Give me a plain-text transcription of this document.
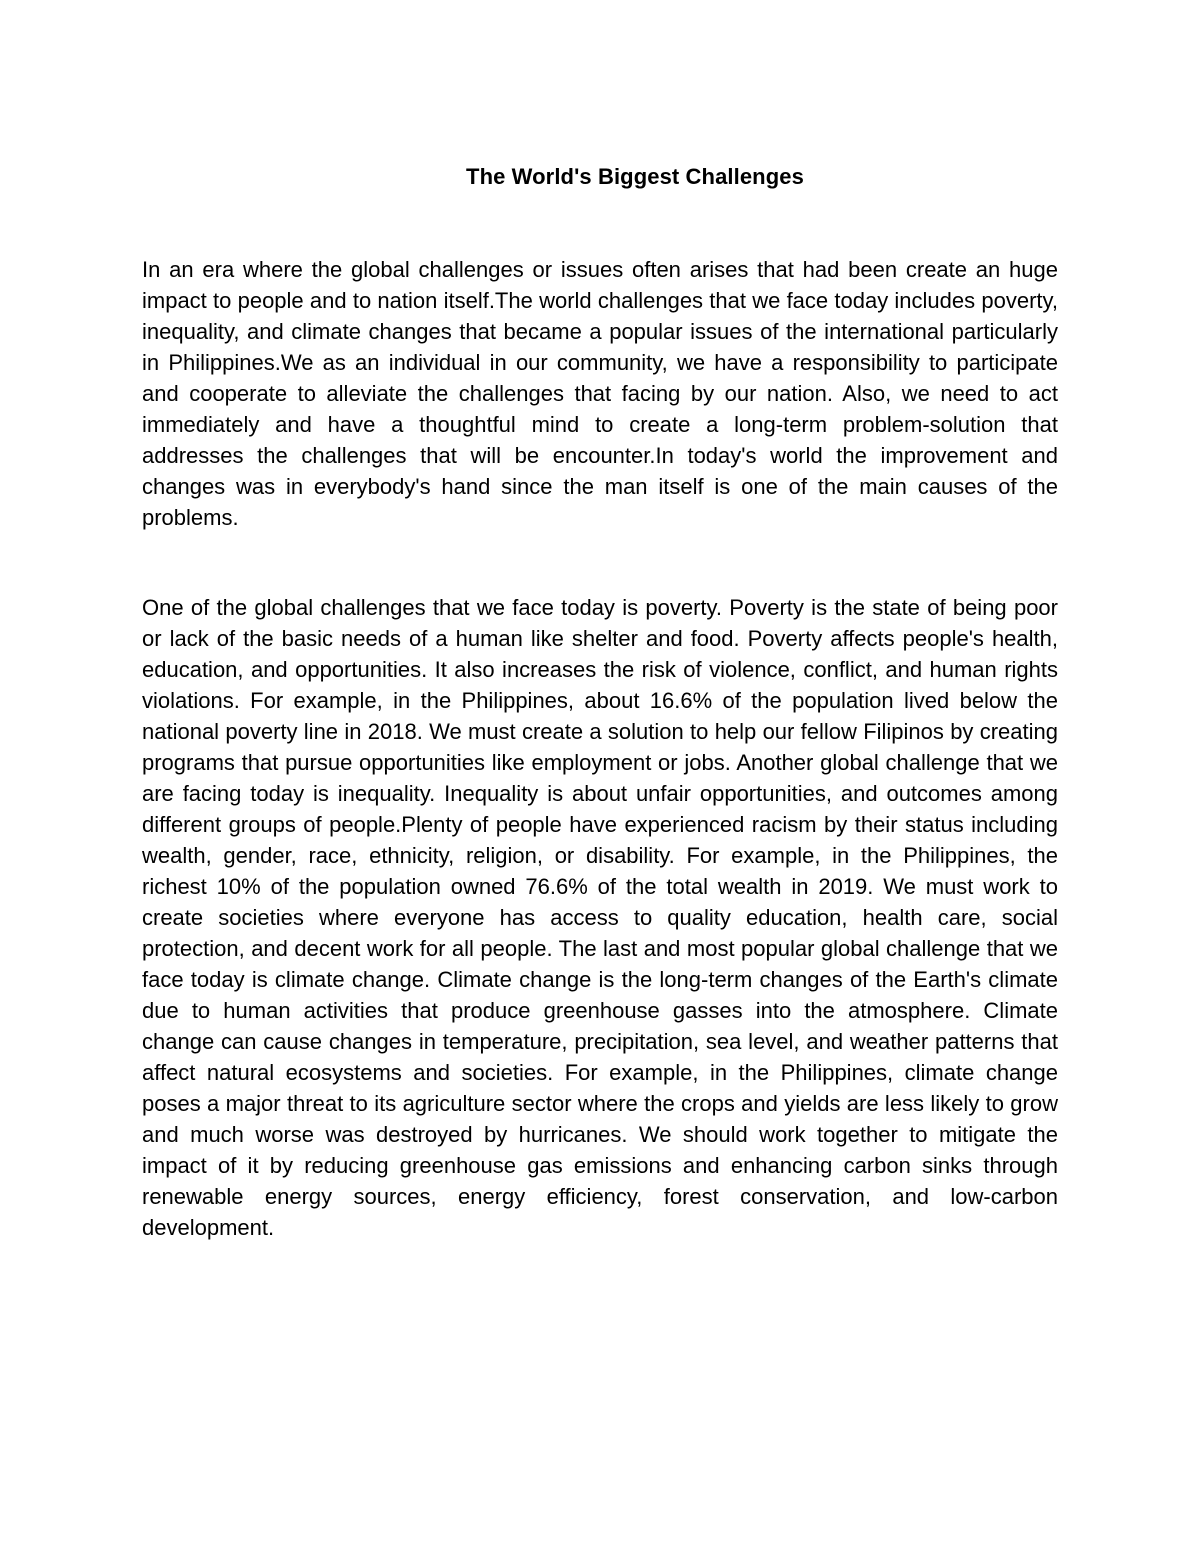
The World's Biggest Challenges

In an era where the global challenges or issues often arises that had been create an huge impact to people and to nation itself.The world challenges that we face today includes poverty, inequality, and climate changes that became a popular issues of the international particularly in Philippines.We as an individual in our community, we have a responsibility to participate and cooperate to alleviate the challenges that facing by our nation. Also, we need to act immediately and have a thoughtful mind to create a long-term problem-solution that addresses the challenges that will be encounter.In today's world the improvement and changes was in everybody's hand since the man itself is one of the main causes of the problems.

One of the global challenges that we face today is poverty. Poverty is the state of being poor or lack of the basic needs of a human like shelter and food. Poverty affects people's health, education, and opportunities. It also increases the risk of violence, conflict, and human rights violations. For example, in the Philippines, about 16.6% of the population lived below the national poverty line in 2018. We must create a solution to help our fellow Filipinos by creating programs that pursue opportunities like employment or jobs. Another global challenge that we are facing today is inequality. Inequality is about unfair opportunities, and outcomes among different groups of people.Plenty of people have experienced racism by their status including wealth, gender, race, ethnicity, religion, or disability. For example, in the Philippines, the richest 10% of the population owned 76.6% of the total wealth in 2019. We must work to create societies where everyone has access to quality education, health care, social protection, and decent work for all people. The last and most popular global challenge that we face today is climate change. Climate change is the long-term changes of the Earth's climate due to human activities that produce greenhouse gasses into the atmosphere. Climate change can cause changes in temperature, precipitation, sea level, and weather patterns that affect natural ecosystems and societies. For example, in the Philippines, climate change poses a major threat to its agriculture sector where the crops and yields are less likely to grow and much worse was destroyed by hurricanes. We should work together to mitigate the impact of it by reducing greenhouse gas emissions and enhancing carbon sinks through renewable energy sources, energy efficiency, forest conservation, and low-carbon development.
